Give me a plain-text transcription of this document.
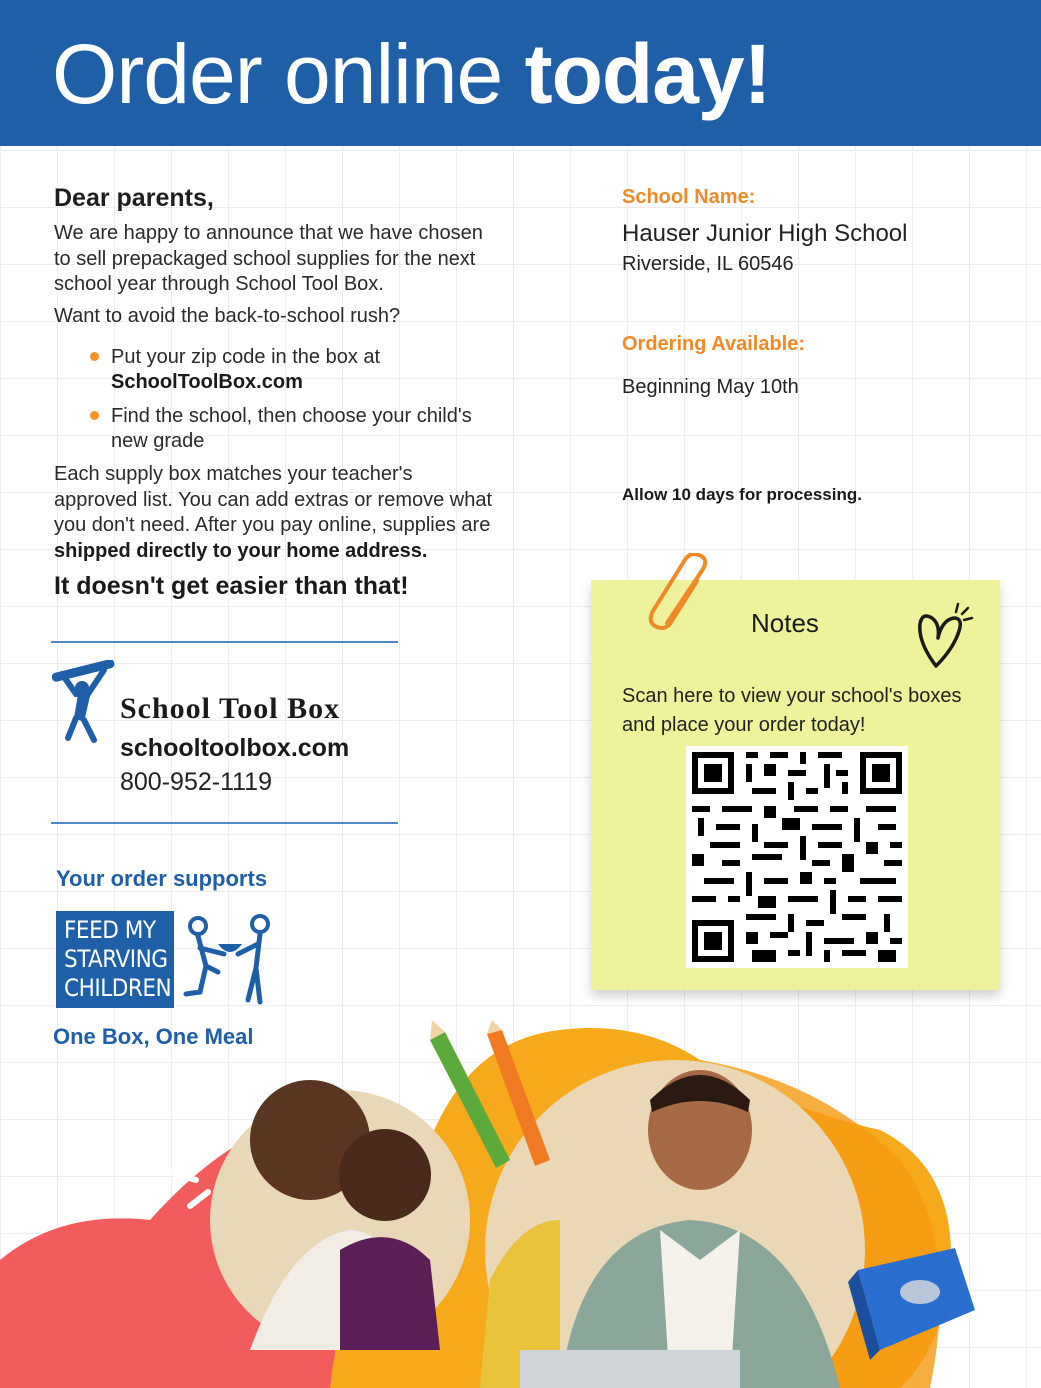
Order online today!
Dear parents,
We are happy to announce that we have chosen
to sell prepackaged school supplies for the next
school year through School Tool Box.
Want to avoid the back-to-school rush?
Put your zip code in the box at
SchoolToolBox.com
Find the school, then choose your child's
new grade
Each supply box matches your teacher's
approved list. You can add extras or remove what
you don't need. After you pay online, supplies are
shipped directly to your home address.
It doesn't get easier than that!
School Tool Box
schooltoolbox.com
800-952-1119
Your order supports
FEED MY
STARVING
CHILDREN
One Box, One Meal
School Name:
Hauser Junior High School
Riverside, IL 60546
Ordering Available:
Beginning May 10th
Allow 10 days for processing.
Notes
Scan here to view your school's boxes and place your order today!
